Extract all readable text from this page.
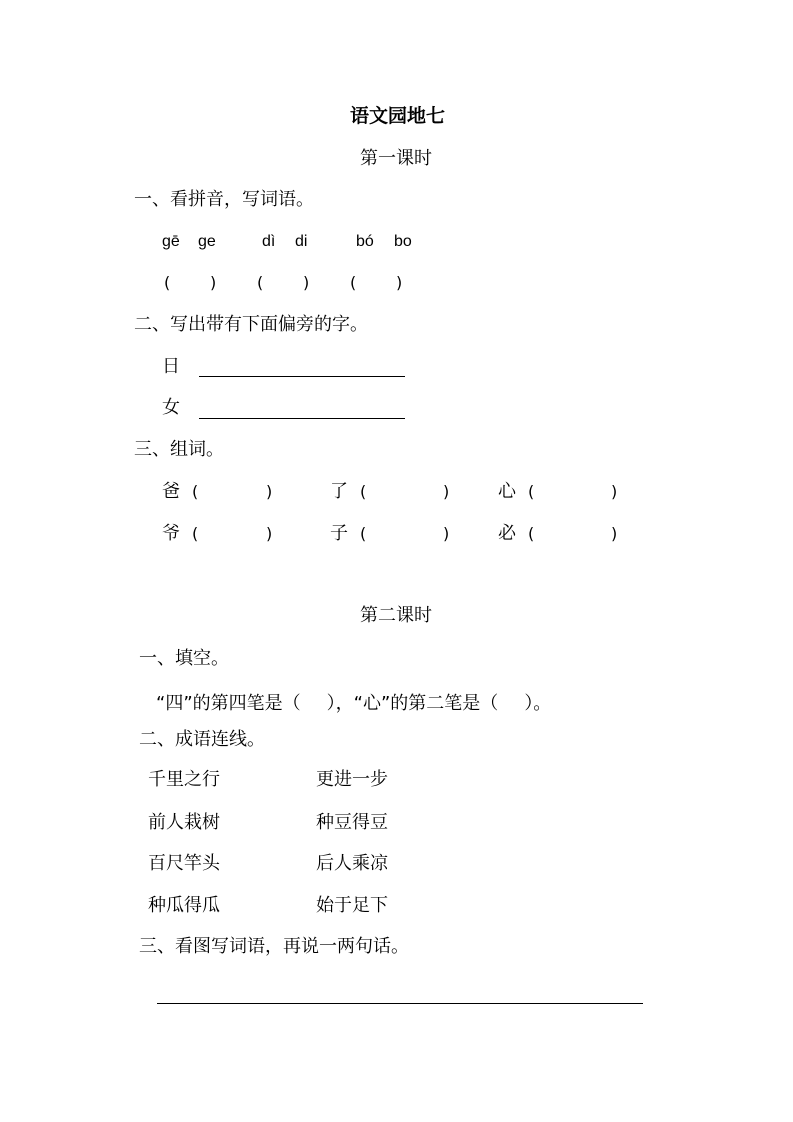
语文园地七
第一课时
一、看拼音，写词语。
gē ge	dì di	bó bo
( )	( )	( )
二、写出带有下面偏旁的字。
日
女
三、组词。
爸 (	)	了 (	)	心 (	)
爷 (	)	子 (	)	必 (	)
第二课时
一、填空。
“四”的第四笔是（ ），“心”的第二笔是（ ）。
二、成语连线。
千里之行	更进一步
前人栽树	种豆得豆
百尺竿头	后人乘凉
种瓜得瓜	始于足下
三、看图写词语，再说一两句话。
